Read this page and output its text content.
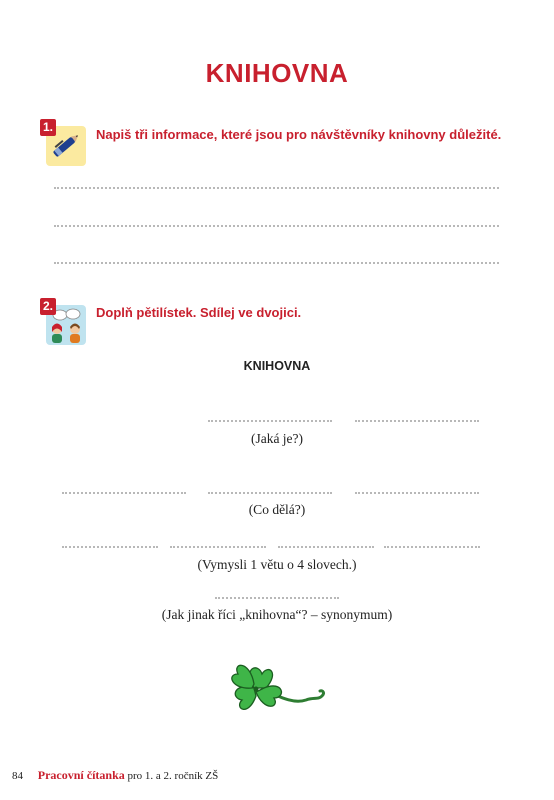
KNIHOVNA
1.	Napiš tři informace, které jsou pro návštěvníky knihovny důležité.
2.	Doplň pětilístek. Sdílej ve dvojici.
KNIHOVNA
(Jaká je?)
(Co dělá?)
(Vymysli 1 větu o 4 slovech.)
(Jak jinak říci „knihovna“? – synonymum)
84 Pracovní čítanka pro 1. a 2. ročník ZŠ
